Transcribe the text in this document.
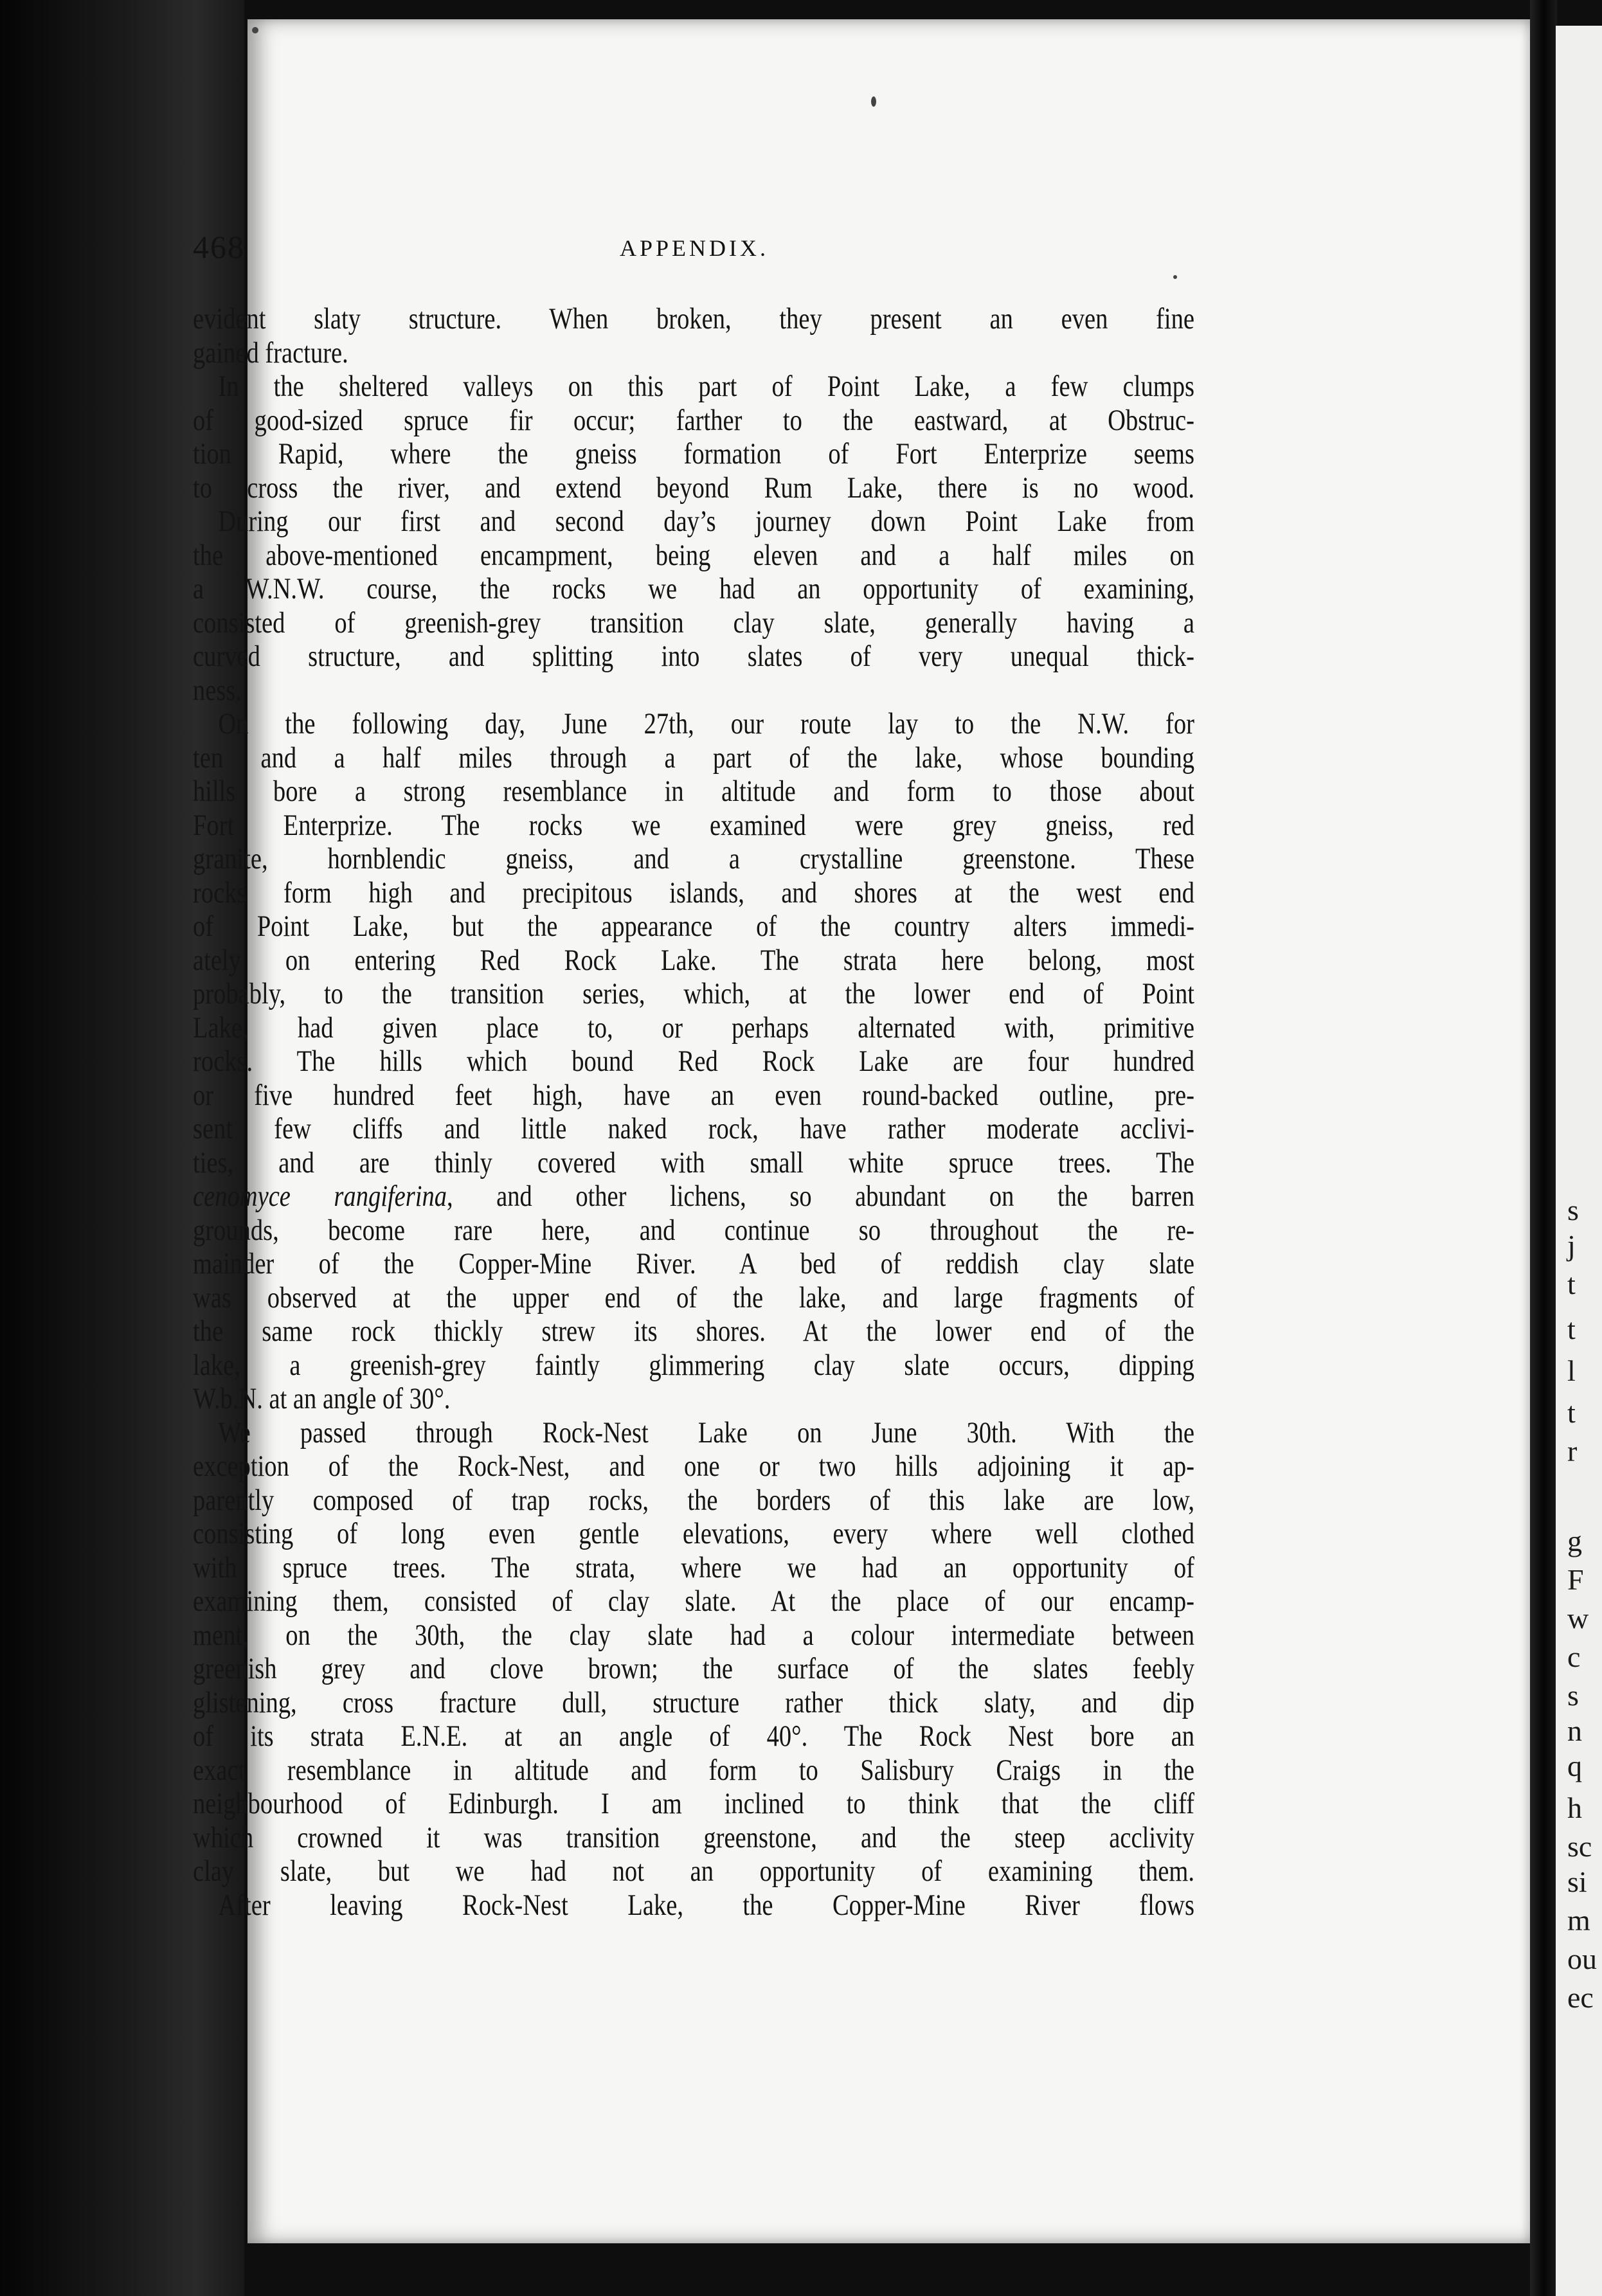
s
j
t
t
l
t
r
g
F
w
c
s
n
q
h
sc
si
m
ou
ec
468	APPENDIX.
evident slaty structure. When broken, they present an even fine
gained fracture.
In the sheltered valleys on this part of Point Lake, a few clumps
of good-sized spruce fir occur; farther to the eastward, at Obstruc-
tion Rapid, where the gneiss formation of Fort Enterprize seems
to cross the river, and extend beyond Rum Lake, there is no wood.
During our first and second day’s journey down Point Lake from
the above-mentioned encampment, being eleven and a half miles on
a W.N.W. course, the rocks we had an opportunity of examining,
consisted of greenish-grey transition clay slate, generally having a
curved structure, and splitting into slates of very unequal thick-
ness.
On the following day, June 27th, our route lay to the N.W. for
ten and a half miles through a part of the lake, whose bounding
hills bore a strong resemblance in altitude and form to those about
Fort Enterprize. The rocks we examined were grey gneiss, red
granite, hornblendic gneiss, and a crystalline greenstone. These
rocks form high and precipitous islands, and shores at the west end
of Point Lake, but the appearance of the country alters immedi-
ately on entering Red Rock Lake. The strata here belong, most
probably, to the transition series, which, at the lower end of Point
Lake, had given place to, or perhaps alternated with, primitive
rocks. The hills which bound Red Rock Lake are four hundred
or five hundred feet high, have an even round-backed outline, pre-
sent few cliffs and little naked rock, have rather moderate acclivi-
ties, and are thinly covered with small white spruce trees. The
cenomyce rangiferina, and other lichens, so abundant on the barren
grounds, become rare here, and continue so throughout the re-
mainder of the Copper-Mine River. A bed of reddish clay slate
was observed at the upper end of the lake, and large fragments of
the same rock thickly strew its shores. At the lower end of the
lake, a greenish-grey faintly glimmering clay slate occurs, dipping
W.b.N. at an angle of 30°.
We passed through Rock-Nest Lake on June 30th. With the
exception of the Rock-Nest, and one or two hills adjoining it ap-
parently composed of trap rocks, the borders of this lake are low,
consisting of long even gentle elevations, every where well clothed
with spruce trees. The strata, where we had an opportunity of
examining them, consisted of clay slate. At the place of our encamp-
ment, on the 30th, the clay slate had a colour intermediate between
greenish grey and clove brown; the surface of the slates feebly
glistening, cross fracture dull, structure rather thick slaty, and dip
of its strata E.N.E. at an angle of 40°. The Rock Nest bore an
exact resemblance in altitude and form to Salisbury Craigs in the
neighbourhood of Edinburgh. I am inclined to think that the cliff
which crowned it was transition greenstone, and the steep acclivity
clay slate, but we had not an opportunity of examining them.
After leaving Rock-Nest Lake, the Copper-Mine River flows
